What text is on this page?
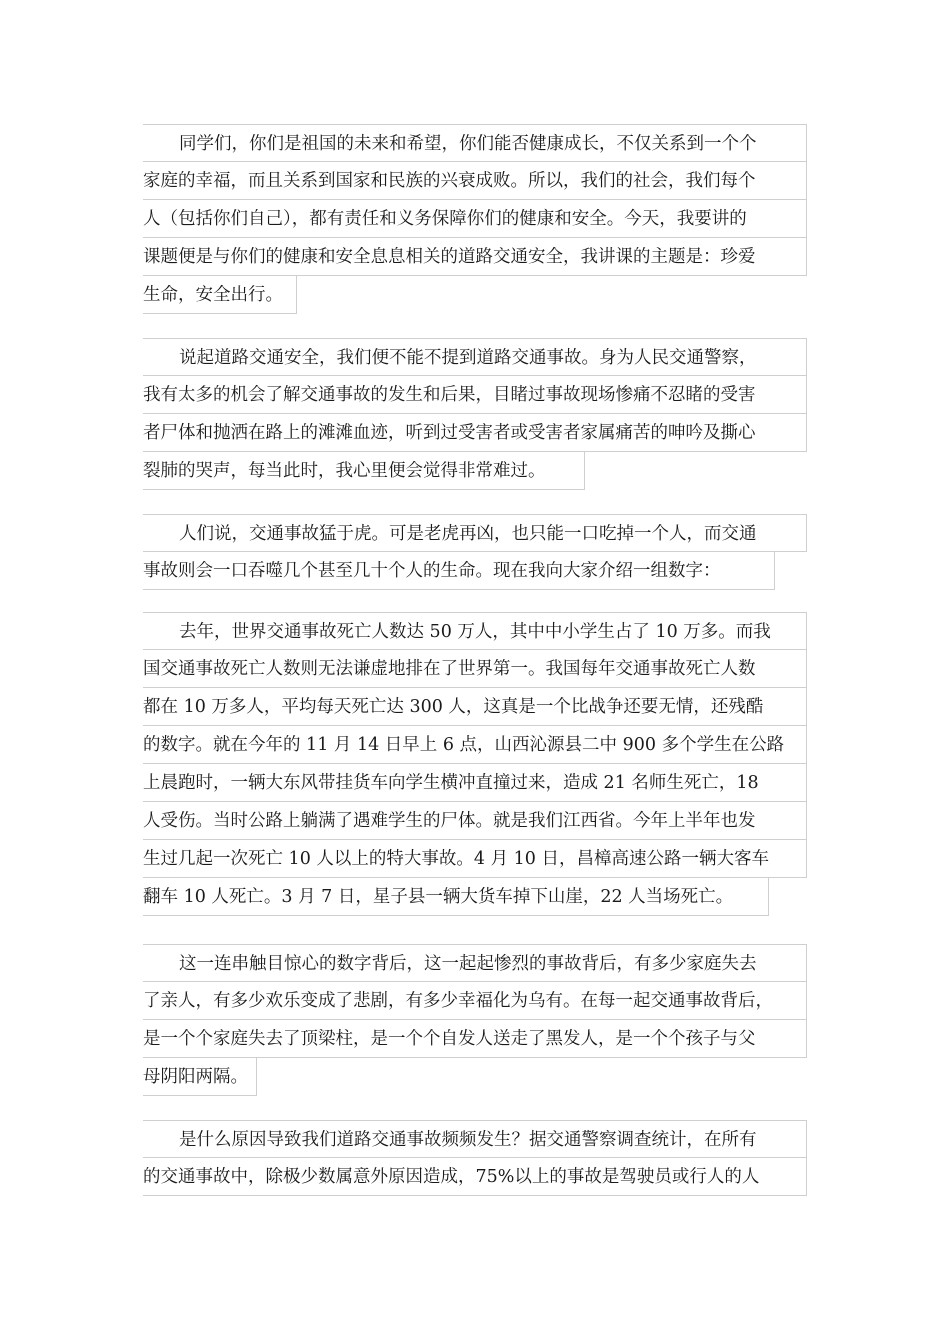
同学们，你们是祖国的未来和希望，你们能否健康成长，不仅关系到一个个
家庭的幸福，而且关系到国家和民族的兴衰成败。所以，我们的社会，我们每个
人（包括你们自己），都有责任和义务保障你们的健康和安全。今天，我要讲的
课题便是与你们的健康和安全息息相关的道路交通安全，我讲课的主题是：珍爱
生命，安全出行。
说起道路交通安全，我们便不能不提到道路交通事故。身为人民交通警察，
我有太多的机会了解交通事故的发生和后果，目睹过事故现场惨痛不忍睹的受害
者尸体和抛洒在路上的滩滩血迹，听到过受害者或受害者家属痛苦的呻吟及撕心
裂肺的哭声，每当此时，我心里便会觉得非常难过。
人们说，交通事故猛于虎。可是老虎再凶，也只能一口吃掉一个人，而交通
事故则会一口吞噬几个甚至几十个人的生命。现在我向大家介绍一组数字：
去年，世界交通事故死亡人数达 50 万人，其中中小学生占了 10 万多。而我
国交通事故死亡人数则无法谦虚地排在了世界第一。我国每年交通事故死亡人数
都在 10 万多人，平均每天死亡达 300 人，这真是一个比战争还要无情，还残酷
的数字。就在今年的 11 月 14 日早上 6 点，山西沁源县二中 900 多个学生在公路
上晨跑时，一辆大东风带挂货车向学生横冲直撞过来，造成 21 名师生死亡，18
人受伤。当时公路上躺满了遇难学生的尸体。就是我们江西省。今年上半年也发
生过几起一次死亡 10 人以上的特大事故。4 月 10 日，昌樟高速公路一辆大客车
翻车 10 人死亡。3 月 7 日，星子县一辆大货车掉下山崖，22 人当场死亡。
这一连串触目惊心的数字背后，这一起起惨烈的事故背后，有多少家庭失去
了亲人，有多少欢乐变成了悲剧，有多少幸福化为乌有。在每一起交通事故背后，
是一个个家庭失去了顶梁柱，是一个个自发人送走了黑发人，是一个个孩子与父
母阴阳两隔。
是什么原因导致我们道路交通事故频频发生？据交通警察调查统计，在所有
的交通事故中，除极少数属意外原因造成，75%以上的事故是驾驶员或行人的人
